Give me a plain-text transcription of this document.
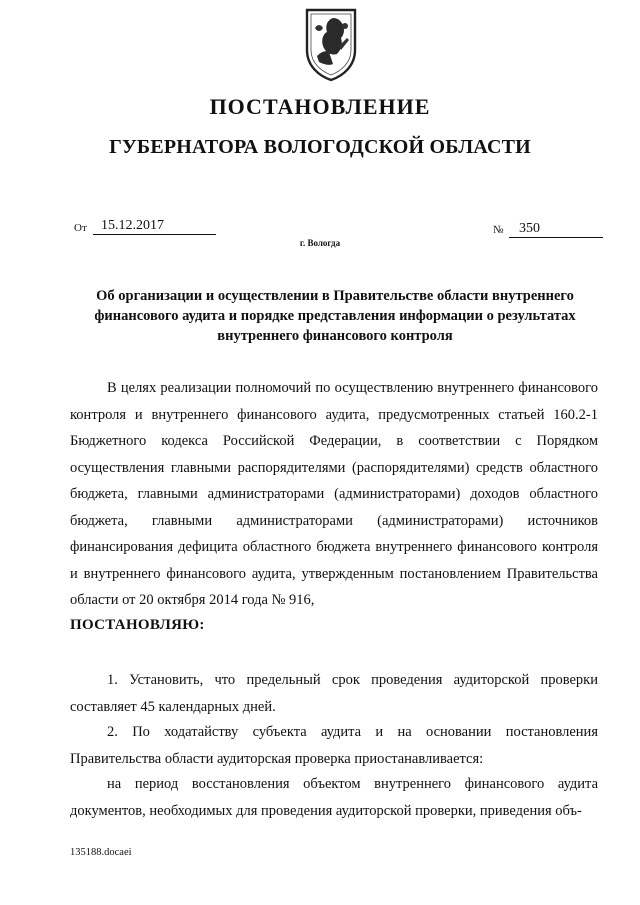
ПОСТАНОВЛЕНИЕ
ГУБЕРНАТОРА ВОЛОГОДСКОЙ ОБЛАСТИ
От	15.12.2017	№	350
г. Вологда
Об организации и осуществлении в Правительстве области внутреннего финансового аудита и порядке представления информации о результатах внутреннего финансового контроля
В целях реализации полномочий по осуществлению внутреннего финансового контроля и внутреннего финансового аудита, предусмотренных статьей 160.2-1 Бюджетного кодекса Российской Федерации, в соответствии с Порядком осуществления главными распорядителями (распорядителями) средств областного бюджета, главными администраторами (администраторами) доходов областного бюджета, главными администраторами (администраторами) источников финансирования дефицита областного бюджета внутреннего финансового контроля и внутреннего финансового аудита, утвержденным постановлением Правительства области от 20 октября 2014 года № 916,
ПОСТАНОВЛЯЮ:
1. Установить, что предельный срок проведения аудиторской проверки составляет 45 календарных дней.
2. По ходатайству субъекта аудита и на основании постановления Правительства области аудиторская проверка приостанавливается:
на период восстановления объектом внутреннего финансового аудита документов, необходимых для проведения аудиторской проверки, приведения объ-
135188.docaei
